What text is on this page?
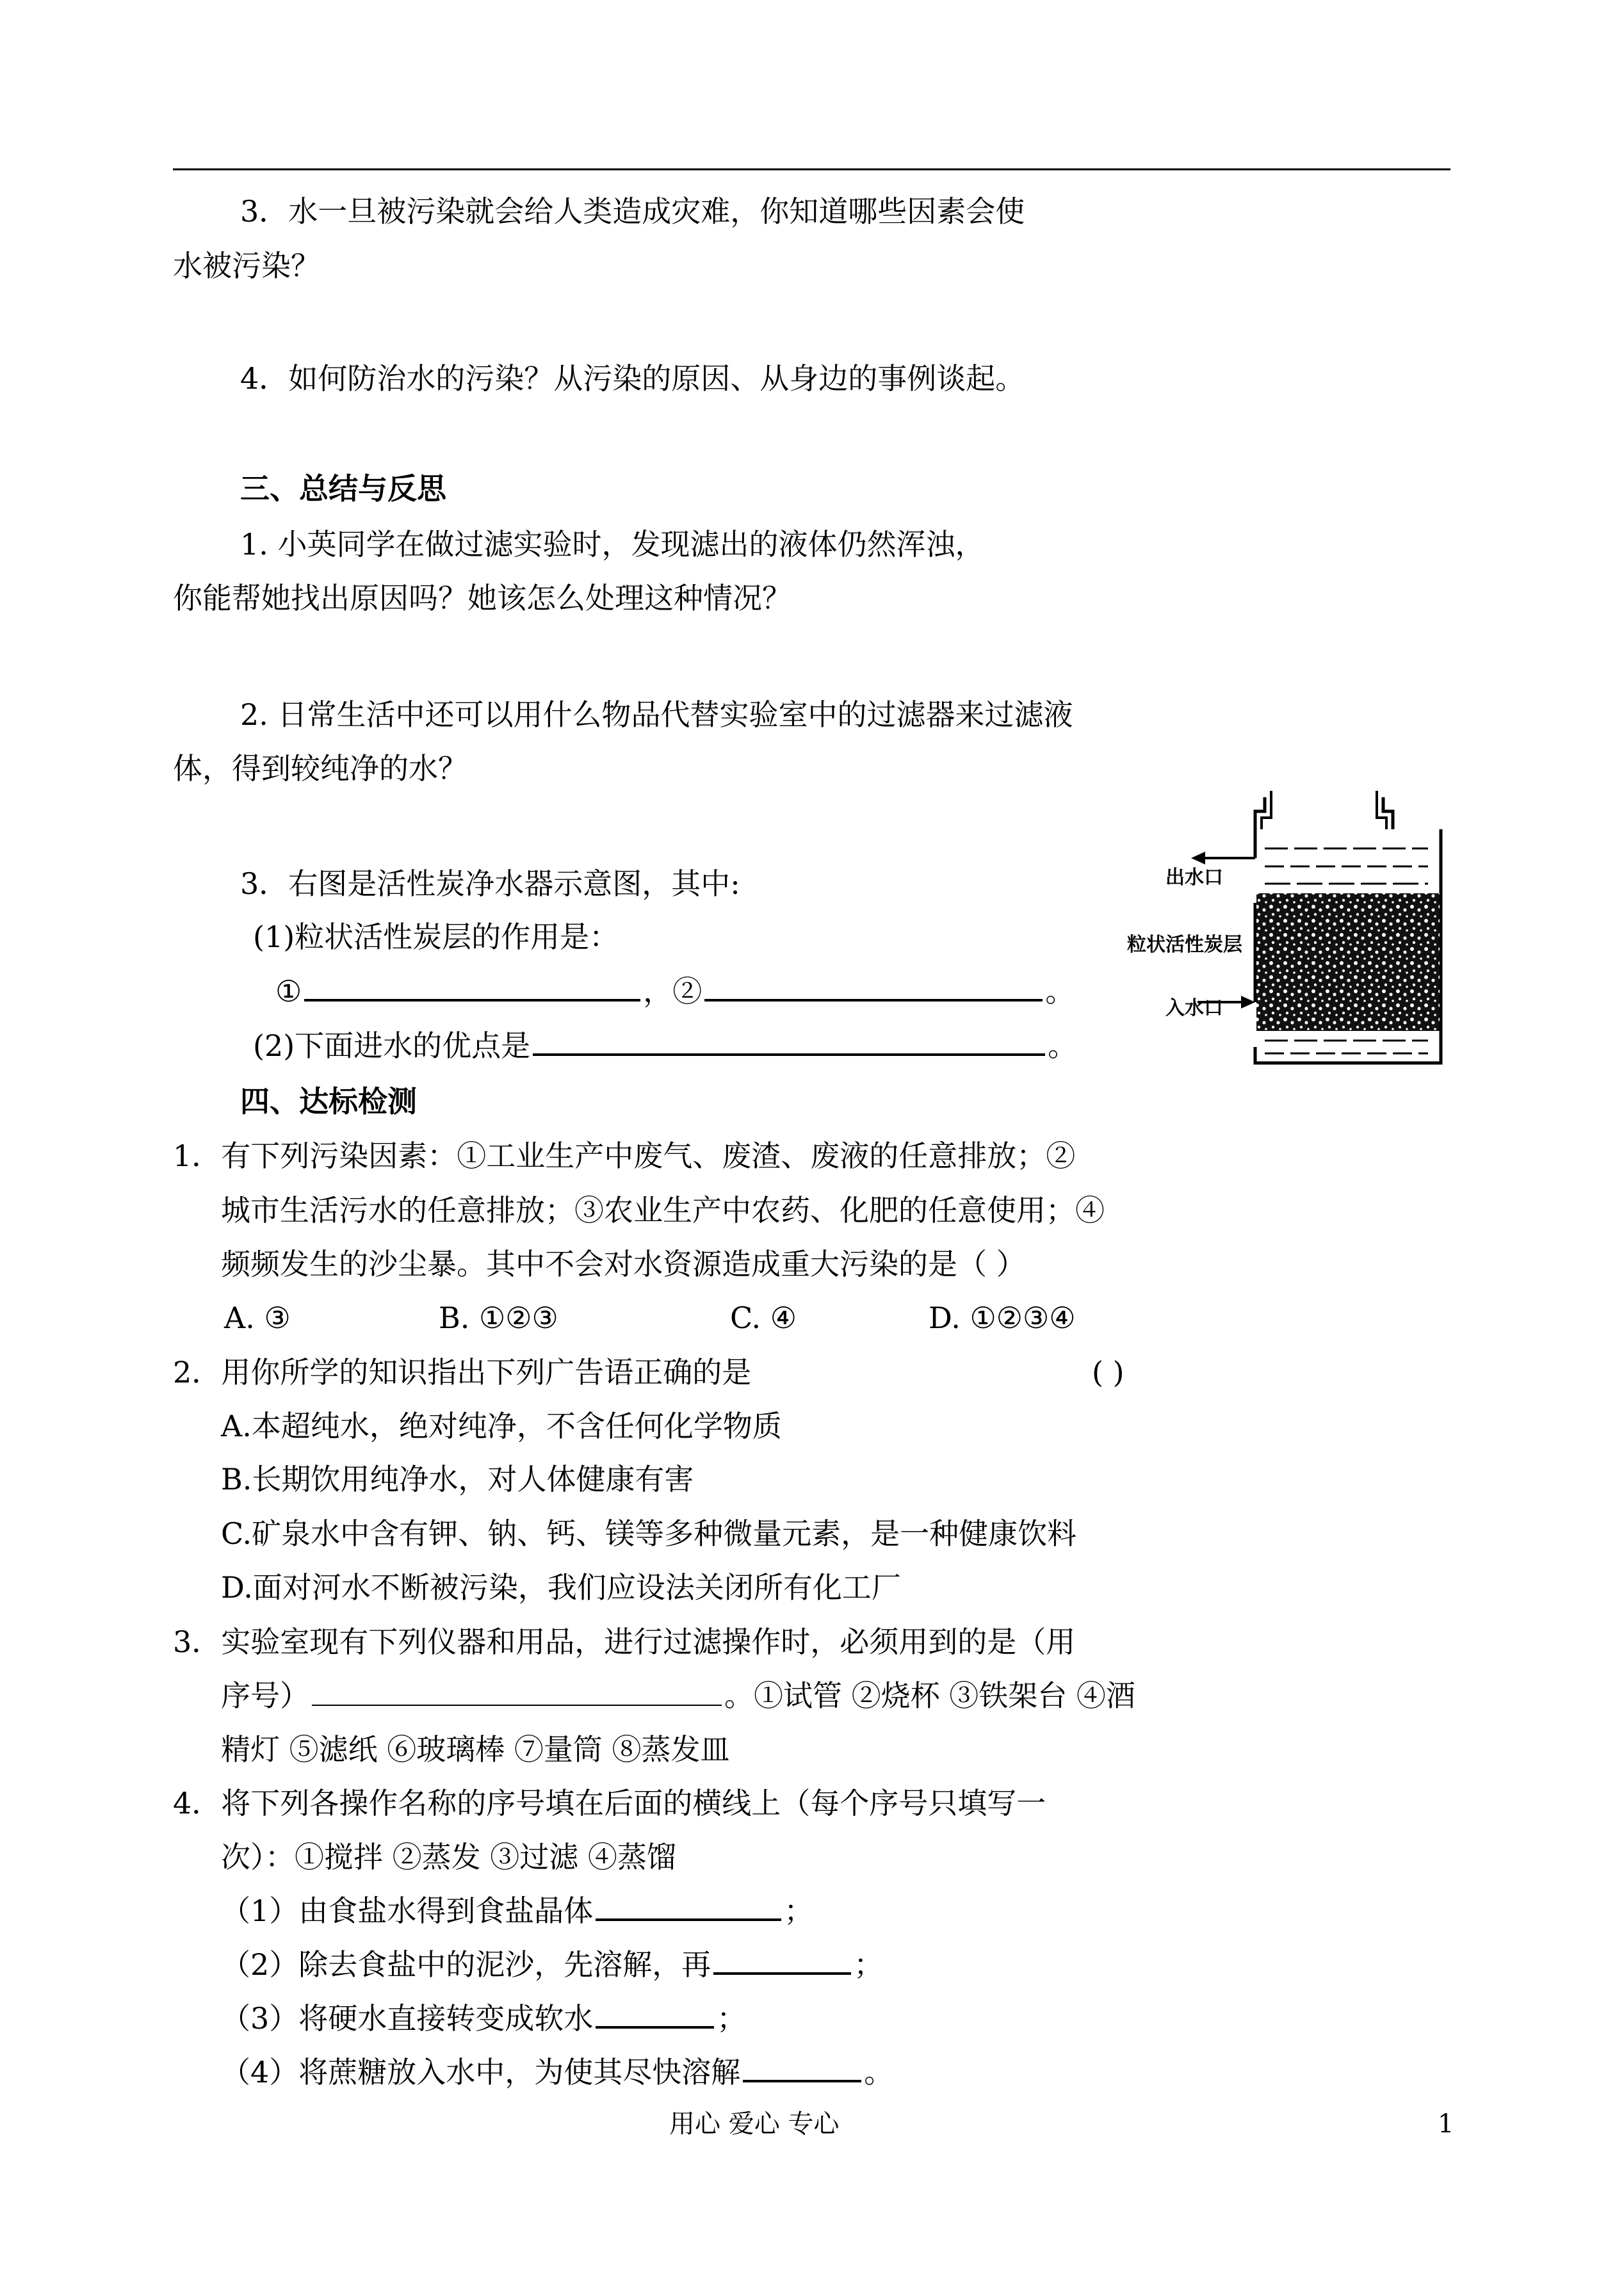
3．水一旦被污染就会给人类造成灾难，你知道哪些因素会使
水被污染？
4．如何防治水的污染？从污染的原因、从身边的事例谈起。
三、总结与反思
1. 小英同学在做过滤实验时，发现滤出的液体仍然浑浊，
你能帮她找出原因吗？她该怎么处理这种情况？
2. 日常生活中还可以用什么物品代替实验室中的过滤器来过滤液
体，得到较纯净的水？
3．右图是活性炭净水器示意图，其中:
(1)粒状活性炭层的作用是：
①	，②	。
(2)下面进水的优点是	。
出水口
粒状活性炭层
入水口
四、达标检测
1．有下列污染因素：①工业生产中废气、废渣、废液的任意排放；②
城市生活污水的任意排放；③农业生产中农药、化肥的任意使用；④
频频发生的沙尘暴。其中不会对水资源造成重大污染的是（ ）
A. ③	B. ①②③	C. ④	D. ①②③④
2．用你所学的知识指出下列广告语正确的是	( )
A.本超纯水，绝对纯净，不含任何化学物质
B.长期饮用纯净水，对人体健康有害
C.矿泉水中含有钾、钠、钙、镁等多种微量元素，是一种健康饮料
D.面对河水不断被污染，我们应设法关闭所有化工厂
3．实验室现有下列仪器和用品，进行过滤操作时，必须用到的是（用
序号）	。①试管 ②烧杯 ③铁架台 ④酒
精灯 ⑤滤纸 ⑥玻璃棒 ⑦量筒 ⑧蒸发皿
4．将下列各操作名称的序号填在后面的横线上（每个序号只填写一
次）：①搅拌 ②蒸发 ③过滤 ④蒸馏
（1）由食盐水得到食盐晶体	；
（2）除去食盐中的泥沙，先溶解，再	；
（3）将硬水直接转变成软水	；
（4）将蔗糖放入水中，为使其尽快溶解	。
用心 爱心 专心	1
